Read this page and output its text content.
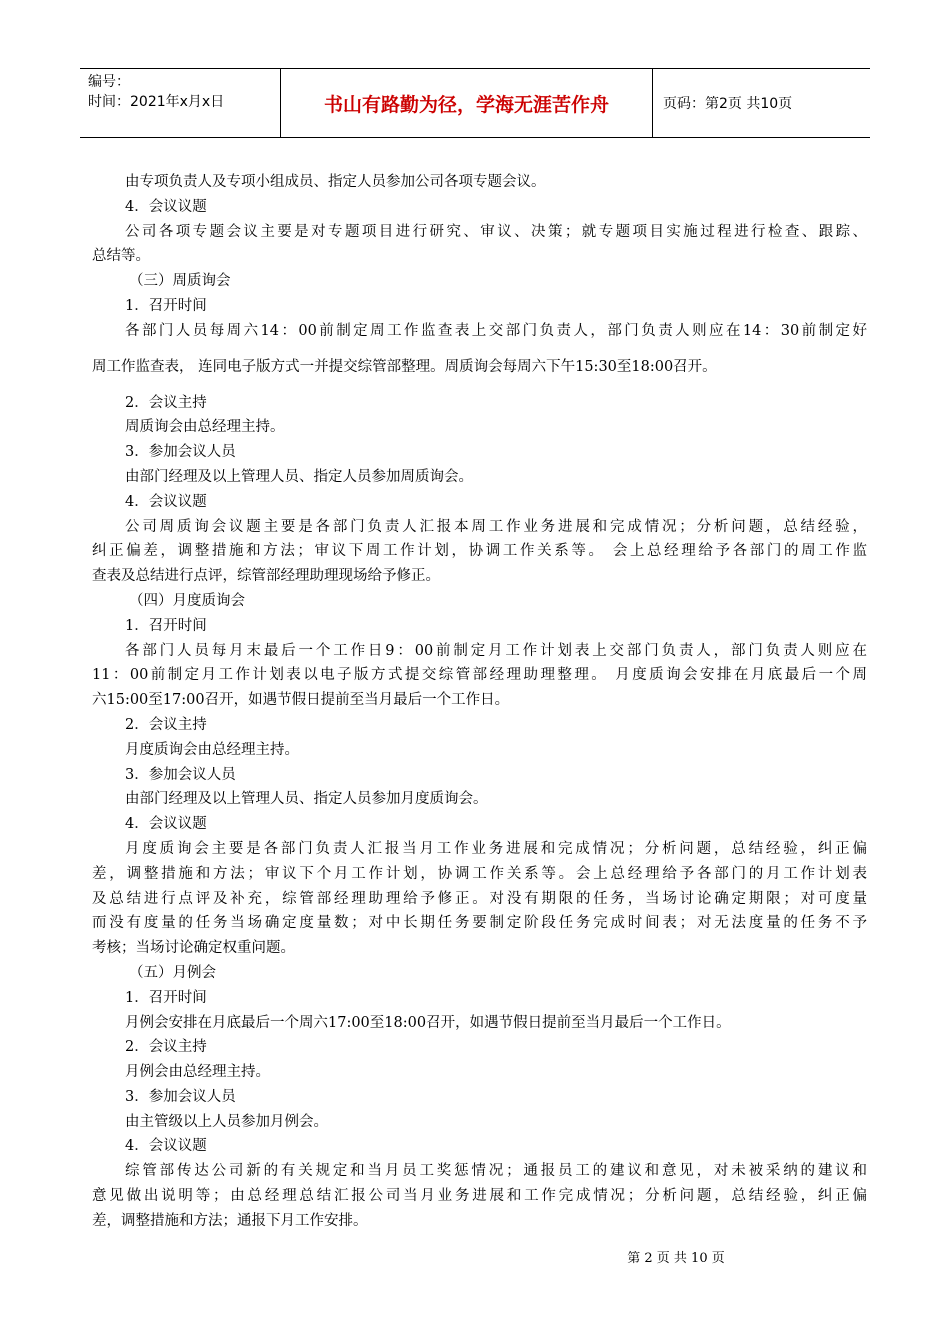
编号：
时间：2021年x月x日	书山有路勤为径，学海无涯苦作舟	页码：第2页 共10页
由专项负责人及专项小组成员、指定人员参加公司各项专题会议。
4．会议议题
公司各项专题会议主要是对专题项目进行研究、审议、决策；就专题项目实施过程进行检查、跟踪、
总结等。
（三）周质询会
1．召开时间
各部门人员每周六14：00前制定周工作监查表上交部门负责人，部门负责人则应在14：30前制定好
周工作监查表， 连同电子版方式一并提交综管部整理。周质询会每周六下午15:30至18:00召开。
2．会议主持
周质询会由总经理主持。
3．参加会议人员
由部门经理及以上管理人员、指定人员参加周质询会。
4．会议议题
公司周质询会议题主要是各部门负责人汇报本周工作业务进展和完成情况；分析问题，总结经验，
纠正偏差，调整措施和方法；审议下周工作计划，协调工作关系等。 会上总经理给予各部门的周工作监
查表及总结进行点评，综管部经理助理现场给予修正。
（四）月度质询会
1．召开时间
各部门人员每月末最后一个工作日9：00前制定月工作计划表上交部门负责人，部门负责人则应在
11：00前制定月工作计划表以电子版方式提交综管部经理助理整理。 月度质询会安排在月底最后一个周
六15:00至17:00召开，如遇节假日提前至当月最后一个工作日。
2．会议主持
月度质询会由总经理主持。
3．参加会议人员
由部门经理及以上管理人员、指定人员参加月度质询会。
4．会议议题
月度质询会主要是各部门负责人汇报当月工作业务进展和完成情况；分析问题，总结经验，纠正偏
差，调整措施和方法；审议下个月工作计划，协调工作关系等。会上总经理给予各部门的月工作计划表
及总结进行点评及补充，综管部经理助理给予修正。对没有期限的任务，当场讨论确定期限；对可度量
而没有度量的任务当场确定度量数；对中长期任务要制定阶段任务完成时间表；对无法度量的任务不予
考核；当场讨论确定权重问题。
（五）月例会
1．召开时间
月例会安排在月底最后一个周六17:00至18:00召开，如遇节假日提前至当月最后一个工作日。
2．会议主持
月例会由总经理主持。
3．参加会议人员
由主管级以上人员参加月例会。
4．会议议题
综管部传达公司新的有关规定和当月员工奖惩情况；通报员工的建议和意见，对未被采纳的建议和
意见做出说明等；由总经理总结汇报公司当月业务进展和工作完成情况；分析问题，总结经验，纠正偏
差，调整措施和方法；通报下月工作安排。
第 2 页 共 10 页
